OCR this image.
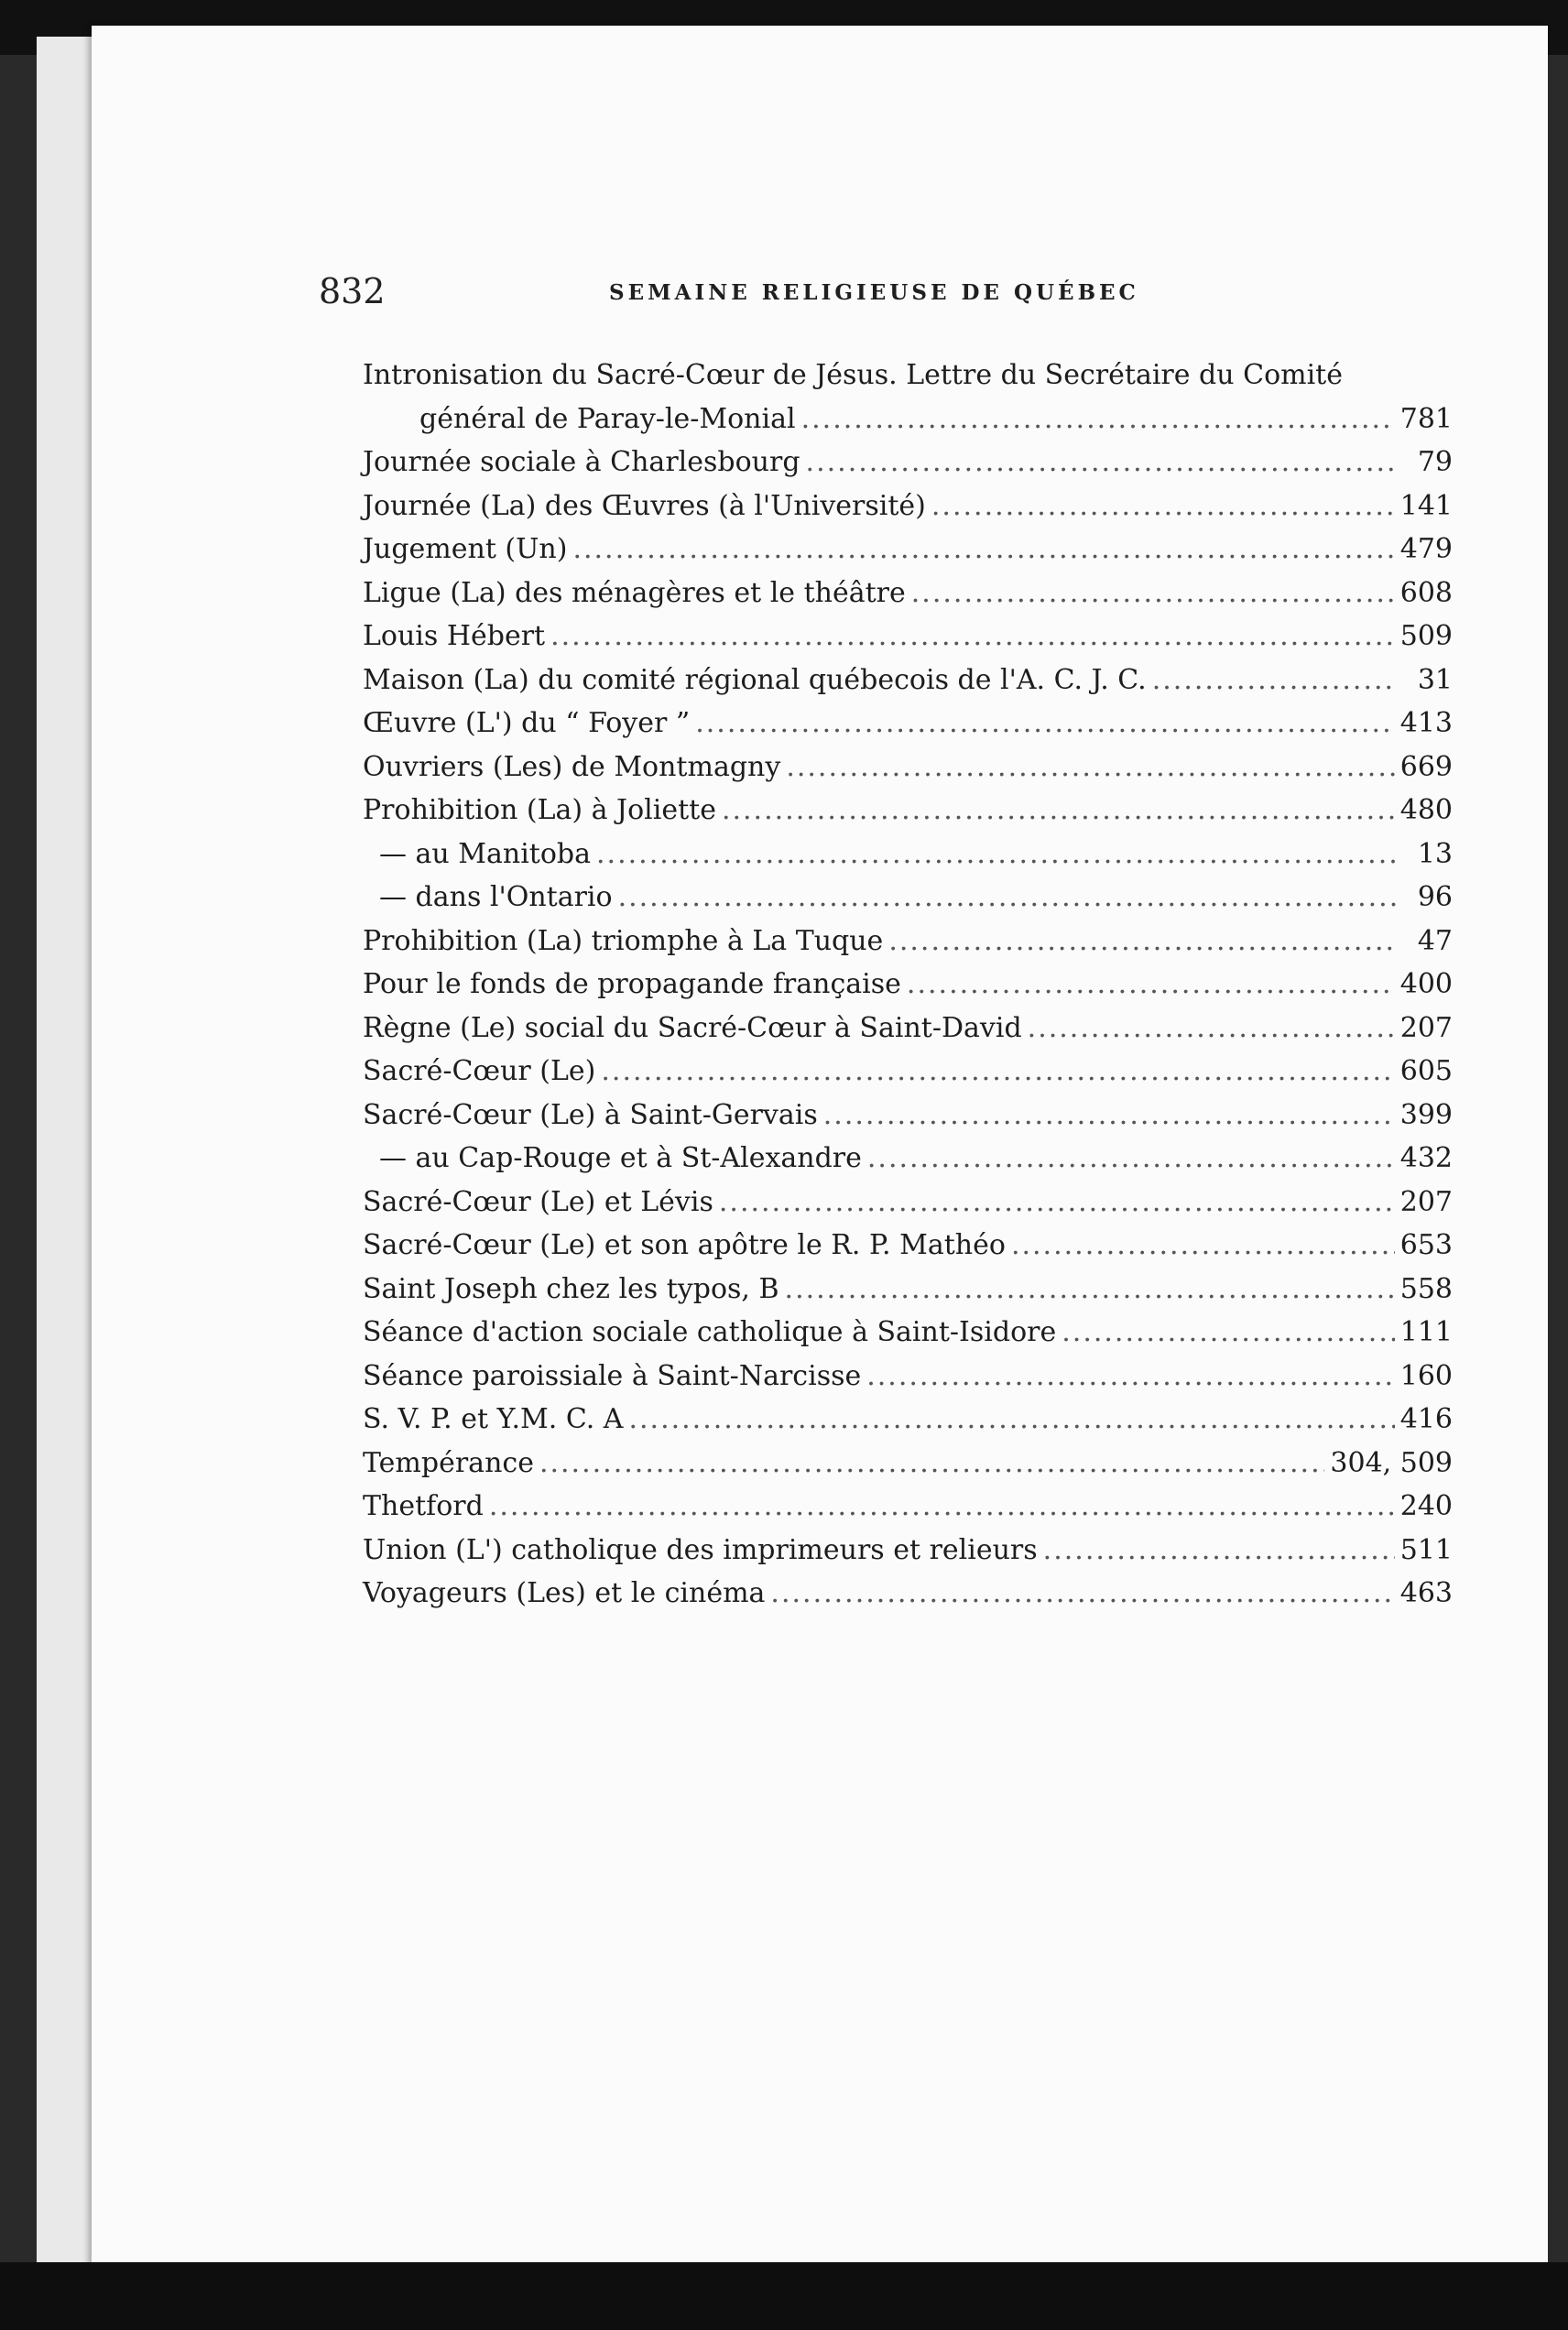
832	SEMAINE RELIGIEUSE DE QUÉBEC
Intronisation du Sacré-Cœur de Jésus. Lettre du Secrétaire du Comité
général de Paray-le-Monial .....	781
Journée sociale à Charlesbourg .....	79
Journée (La) des Œuvres (à l'Université) .....	141
Jugement (Un) .....	479
Ligue (La) des ménagères et le théâtre .....	608
Louis Hébert .....	509
Maison (La) du comité régional québecois de l'A. C. J. C. .....	31
Œuvre (L') du “ Foyer ” .....	413
Ouvriers (Les) de Montmagny .....	669
Prohibition (La) à Joliette .....	480
— au Manitoba .....	13
— dans l'Ontario .....	96
Prohibition (La) triomphe à La Tuque .....	47
Pour le fonds de propagande française .....	400
Règne (Le) social du Sacré-Cœur à Saint-David .....	207
Sacré-Cœur (Le) .....	605
Sacré-Cœur (Le) à Saint-Gervais .....	399
— au Cap-Rouge et à St-Alexandre .....	432
Sacré-Cœur (Le) et Lévis .....	207
Sacré-Cœur (Le) et son apôtre le R. P. Mathéo .....	653
Saint Joseph chez les typos, B .....	558
Séance d'action sociale catholique à Saint-Isidore .....	111
Séance paroissiale à Saint-Narcisse .....	160
S. V. P. et Y.M. C. A .....	416
Tempérance .....	304, 509
Thetford .....	240
Union (L') catholique des imprimeurs et relieurs .....	511
Voyageurs (Les) et le cinéma .....	463
